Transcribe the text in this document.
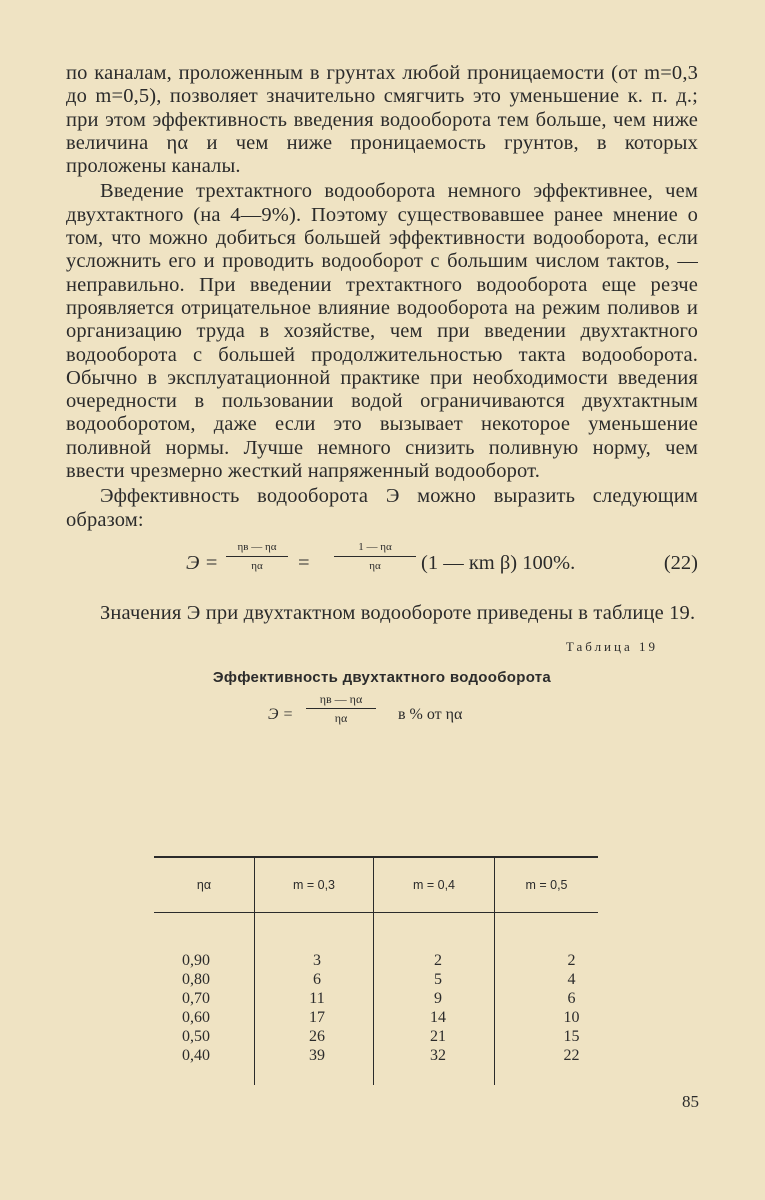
по каналам, проложенным в грунтах любой проницаемости (от m=0,3 до m=0,5), позволяет значительно смягчить это уменьшение к. п. д.; при этом эффективность введения водооборота тем больше, чем ниже величина ηα и чем ниже проницаемость грунтов, в которых проложены каналы.

Введение трехтактного водооборота немного эффективнее, чем двухтактного (на 4—9%). Поэтому существовавшее ранее мнение о том, что можно добиться большей эффективности водооборота, если усложнить его и проводить водооборот с большим числом тактов, — неправильно. При введении трехтактного водооборота еще резче проявляется отрицательное влияние водооборота на режим поливов и организацию труда в хозяйстве, чем при введении двухтактного водооборота с большей продолжительностью такта водооборота. Обычно в эксплуатационной практике при необходимости введения очередности в пользовании водой ограничиваются двухтактным водооборотом, даже если это вызывает некоторое уменьшение поливной нормы. Лучше немного снизить поливную норму, чем ввести чрезмерно жесткий напряженный водооборот.

Эффективность водооборота Э можно выразить следующим образом:

Э =
ηв — ηα
ηα	=
1 — ηα
ηα	(1 — кm β) 100%.	(22)

Значения Э при двухтактном водообороте приведены в таблице 19.

Таблица 19
Эффективность двухтактного водооборота
Э =
ηв — ηα
ηα	в % от ηα
ηα	m = 0,3	m = 0,4	m = 0,5
0,90	3	2	2
0,80	6	5	4
0,70	11	9	6
0,60	17	14	10
0,50	26	21	15
0,40	39	32	22
85
